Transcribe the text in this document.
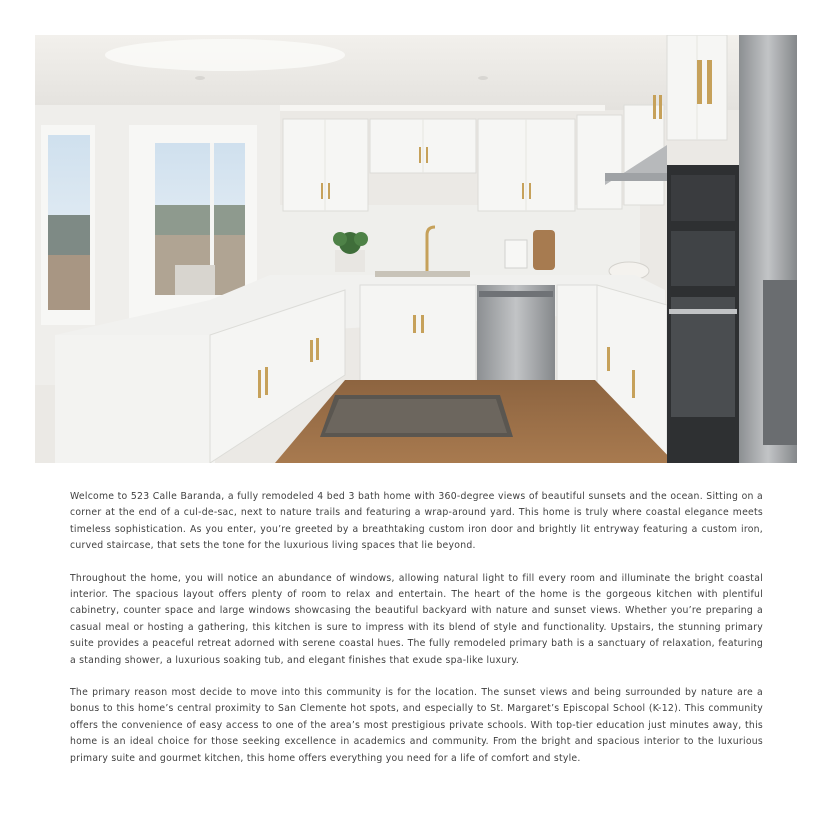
Welcome to 523 Calle Baranda, a fully remodeled 4 bed 3 bath home with 360-degree views of beautiful sunsets and the ocean. Sitting on a corner at the end of a cul-de-sac, next to nature trails and featuring a wrap-around yard. This home is truly where coastal elegance meets timeless sophistication. As you enter, you’re greeted by a breathtaking custom iron door and brightly lit entryway featuring a custom iron, curved staircase, that sets the tone for the luxurious living spaces that lie beyond.

Throughout the home, you will notice an abundance of windows, allowing natural light to fill every room and illuminate the bright coastal interior. The spacious layout offers plenty of room to relax and entertain. The heart of the home is the gorgeous kitchen with plentiful cabinetry, counter space and large windows showcasing the beautiful backyard with nature and sunset views. Whether you’re preparing a casual meal or hosting a gathering, this kitchen is sure to impress with its blend of style and functionality. Upstairs, the stunning primary suite provides a peaceful retreat adorned with serene coastal hues. The fully remodeled primary bath is a sanctuary of relaxation, featuring a standing shower, a luxurious soaking tub, and elegant finishes that exude spa-like luxury.

The primary reason most decide to move into this community is for the location. The sunset views and being surrounded by nature are a bonus to this home’s central proximity to San Clemente hot spots, and especially to St. Margaret’s Episcopal School (K-12). This community offers the convenience of easy access to one of the area’s most prestigious private schools. With top-tier education just minutes away, this home is an ideal choice for those seeking excellence in academics and community. From the bright and spacious interior to the luxurious primary suite and gourmet kitchen, this home offers everything you need for a life of comfort and style.
